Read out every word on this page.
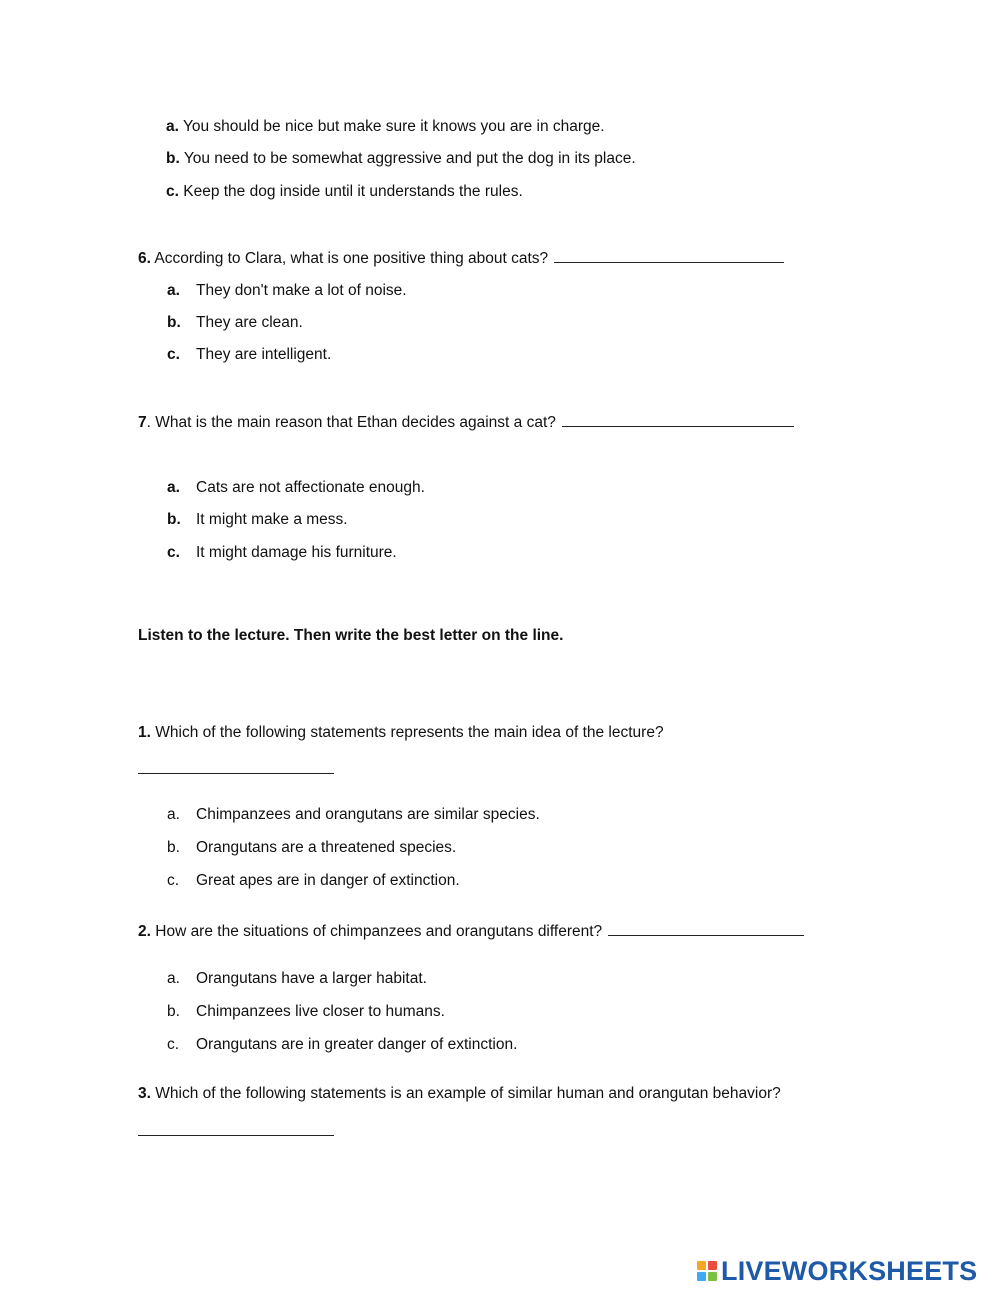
a. You should be nice but make sure it knows you are in charge.
b. You need to be somewhat aggressive and put the dog in its place.
c. Keep the dog inside until it understands the rules.
6. According to Clara, what is one positive thing about cats?
a. They don't make a lot of noise.
b. They are clean.
c. They are intelligent.
7. What is the main reason that Ethan decides against a cat?
a. Cats are not affectionate enough.
b. It might make a mess.
c. It might damage his furniture.
Listen to the lecture. Then write the best letter on the line.
1. Which of the following statements represents the main idea of the lecture?
a. Chimpanzees and orangutans are similar species.
b. Orangutans are a threatened species.
c. Great apes are in danger of extinction.
2. How are the situations of chimpanzees and orangutans different?
a. Orangutans have a larger habitat.
b. Chimpanzees live closer to humans.
c. Orangutans are in greater danger of extinction.
3. Which of the following statements is an example of similar human and orangutan behavior?
LIVEWORKSHEETS
